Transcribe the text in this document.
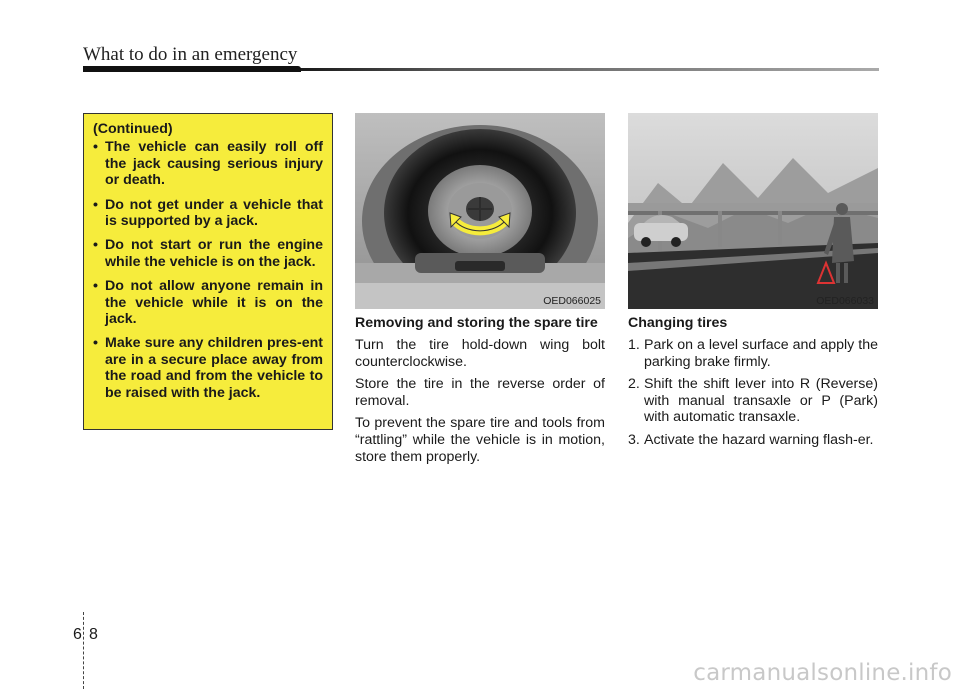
What to do in an emergency
(Continued)
• The vehicle can easily roll off the jack causing serious injury or death.
• Do not get under a vehicle that is supported by a jack.
• Do not start or run the engine while the vehicle is on the jack.
• Do not allow anyone remain in the vehicle while it is on the jack.
• Make sure any children pres-ent are in a secure place away from the road and from the vehicle to be raised with the jack.
OED066025	OED066033
Removing and storing the spare tire

Turn the tire hold-down wing bolt counterclockwise.

Store the tire in the reverse order of removal.

To prevent the spare tire and tools from “rattling” while the vehicle is in motion, store them properly.

Changing tires
1. Park on a level surface and apply the parking brake firmly.
2. Shift the shift lever into R (Reverse) with manual transaxle or P (Park) with automatic transaxle.
3. Activate the hazard warning flash-er.
6 8
carmanualsonline.info
